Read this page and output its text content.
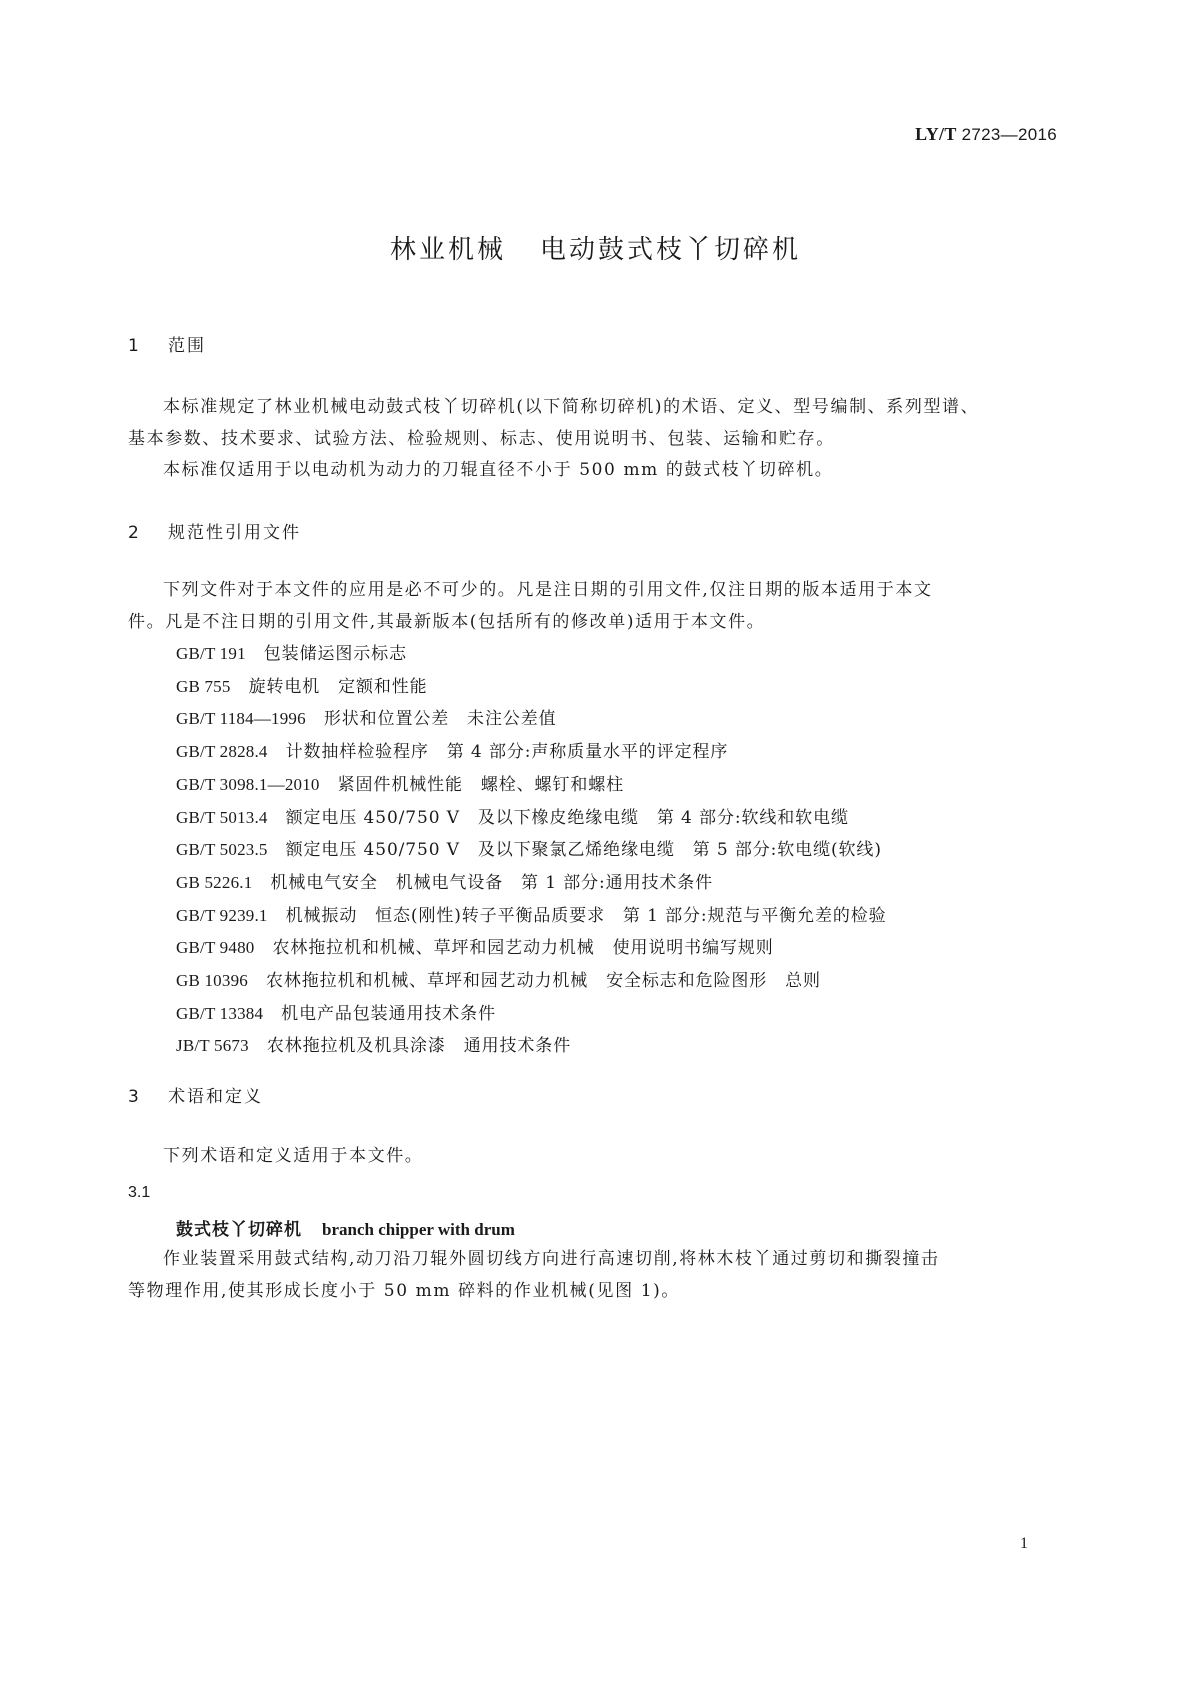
LY/T 2723—2016
林业机械 电动鼓式枝丫切碎机
1 范围
本标准规定了林业机械电动鼓式枝丫切碎机(以下简称切碎机)的术语、定义、型号编制、系列型谱、
基本参数、技术要求、试验方法、检验规则、标志、使用说明书、包装、运输和贮存。
本标准仅适用于以电动机为动力的刀辊直径不小于 500 mm 的鼓式枝丫切碎机。
2 规范性引用文件
下列文件对于本文件的应用是必不可少的。凡是注日期的引用文件,仅注日期的版本适用于本文
件。凡是不注日期的引用文件,其最新版本(包括所有的修改单)适用于本文件。
GB/T 191 包装储运图示标志
GB 755 旋转电机　定额和性能
GB/T 1184—1996 形状和位置公差　未注公差值
GB/T 2828.4 计数抽样检验程序　第 4 部分:声称质量水平的评定程序
GB/T 3098.1—2010 紧固件机械性能　螺栓、螺钉和螺柱
GB/T 5013.4 额定电压 450/750 V　及以下橡皮绝缘电缆　第 4 部分:软线和软电缆
GB/T 5023.5 额定电压 450/750 V　及以下聚氯乙烯绝缘电缆　第 5 部分:软电缆(软线)
GB 5226.1 机械电气安全　机械电气设备　第 1 部分:通用技术条件
GB/T 9239.1 机械振动　恒态(刚性)转子平衡品质要求　第 1 部分:规范与平衡允差的检验
GB/T 9480 农林拖拉机和机械、草坪和园艺动力机械　使用说明书编写规则
GB 10396 农林拖拉机和机械、草坪和园艺动力机械　安全标志和危险图形　总则
GB/T 13384 机电产品包装通用技术条件
JB/T 5673 农林拖拉机及机具涂漆　通用技术条件
3 术语和定义
下列术语和定义适用于本文件。
3.1
鼓式枝丫切碎机 branch chipper with drum
作业装置采用鼓式结构,动刀沿刀辊外圆切线方向进行高速切削,将林木枝丫通过剪切和撕裂撞击
等物理作用,使其形成长度小于 50 mm 碎料的作业机械(见图 1)。
1
